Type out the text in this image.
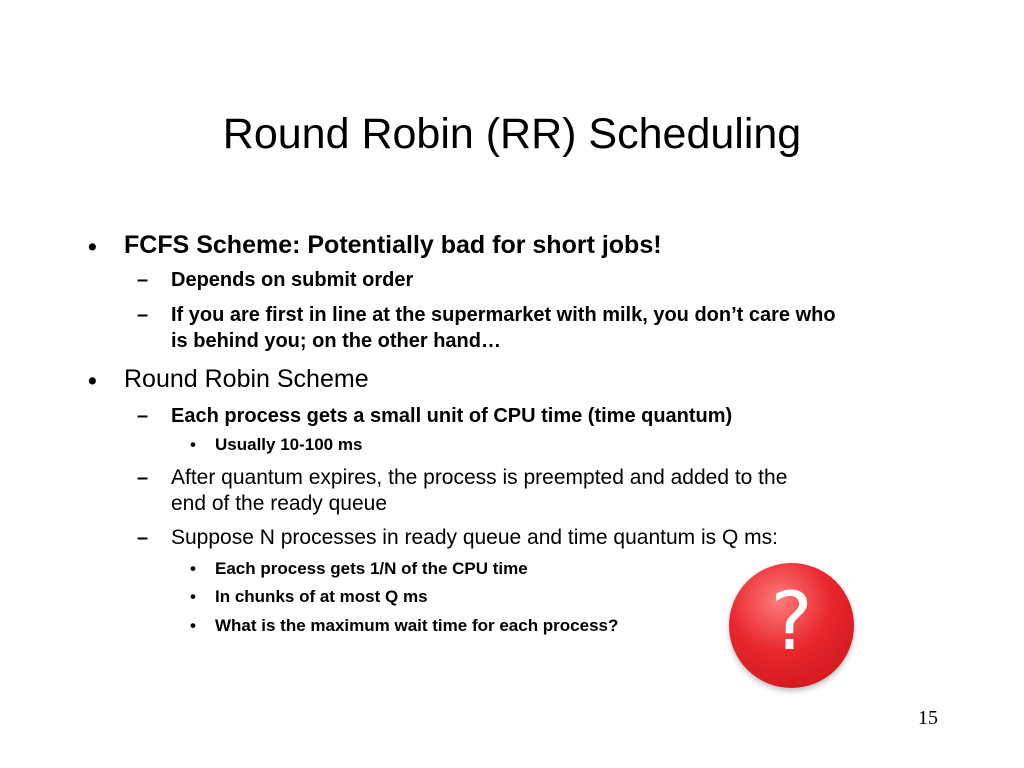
Round Robin (RR) Scheduling
• FCFS Scheme: Potentially bad for short jobs!
– Depends on submit order
– If you are first in line at the supermarket with milk, you don’t care who
is behind you; on the other hand…
• Round Robin Scheme
– Each process gets a small unit of CPU time (time quantum)
• Usually 10-100 ms
– After quantum expires, the process is preempted and added to the
end of the ready queue
– Suppose N processes in ready queue and time quantum is Q ms:
• Each process gets 1/N of the CPU time
• In chunks of at most Q ms
• What is the maximum wait time for each process?	?
15
